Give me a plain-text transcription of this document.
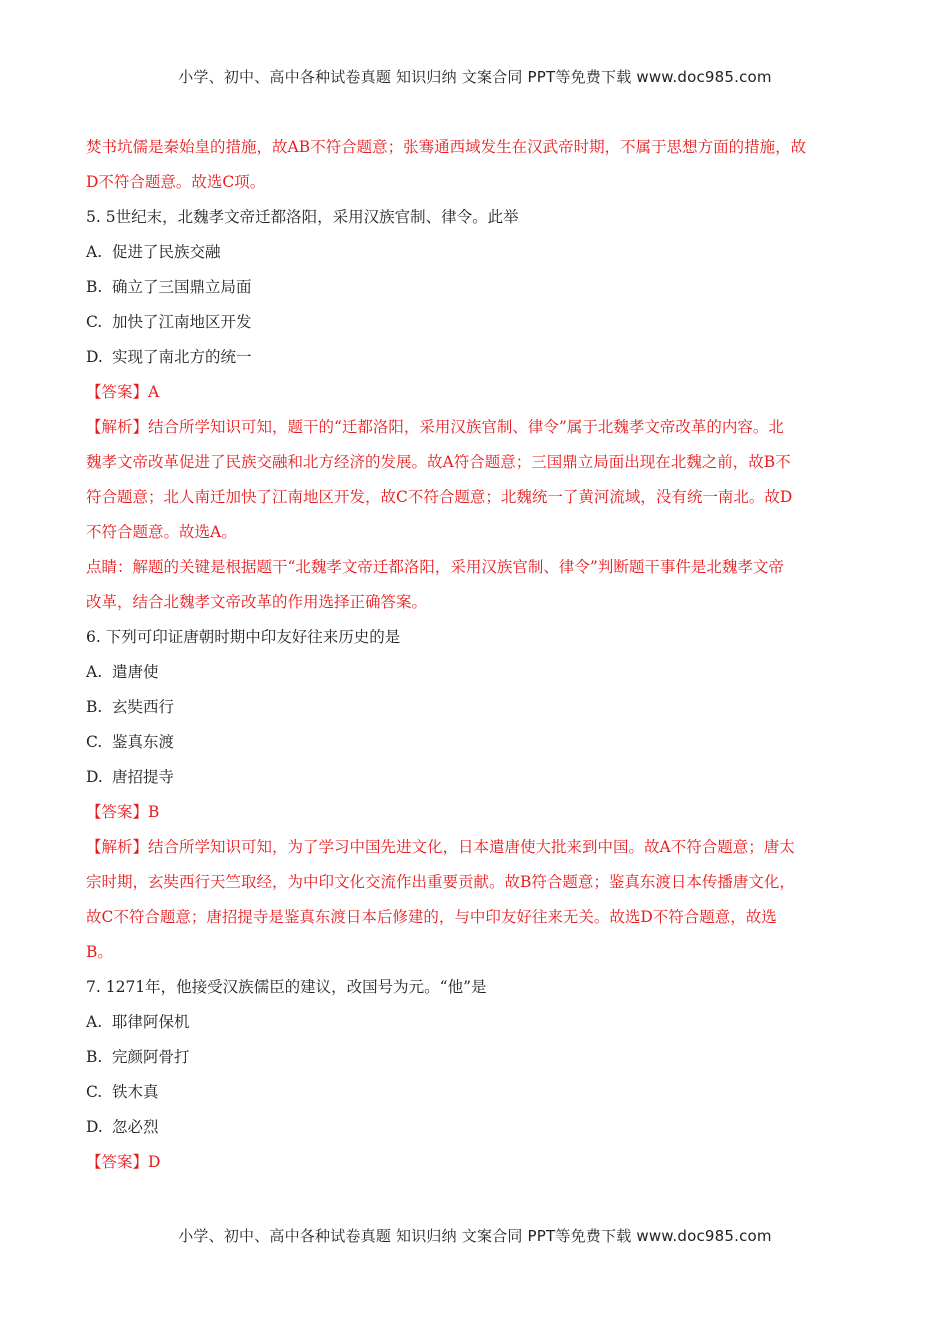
小学、初中、高中各种试卷真题 知识归纳 文案合同 PPT等免费下载 www.doc985.com
焚书坑儒是秦始皇的措施，故AB不符合题意；张骞通西域发生在汉武帝时期，不属于思想方面的措施，故
D不符合题意。故选C项。
5. 5世纪末，北魏孝文帝迁都洛阳，采用汉族官制、律令。此举
A. 促进了民族交融
B. 确立了三国鼎立局面
C. 加快了江南地区开发
D. 实现了南北方的统一
【答案】A
【解析】结合所学知识可知，题干的“迁都洛阳，采用汉族官制、律令”属于北魏孝文帝改革的内容。北
魏孝文帝改革促进了民族交融和北方经济的发展。故A符合题意；三国鼎立局面出现在北魏之前，故B不
符合题意；北人南迁加快了江南地区开发，故C不符合题意；北魏统一了黄河流域，没有统一南北。故D
不符合题意。故选A。
点睛：解题的关键是根据题干“北魏孝文帝迁都洛阳，采用汉族官制、律令”判断题干事件是北魏孝文帝
改革，结合北魏孝文帝改革的作用选择正确答案。
6. 下列可印证唐朝时期中印友好往来历史的是
A. 遣唐使
B. 玄奘西行
C. 鉴真东渡
D. 唐招提寺
【答案】B
【解析】结合所学知识可知，为了学习中国先进文化，日本遣唐使大批来到中国。故A不符合题意；唐太
宗时期，玄奘西行天竺取经，为中印文化交流作出重要贡献。故B符合题意；鉴真东渡日本传播唐文化，
故C不符合题意；唐招提寺是鉴真东渡日本后修建的，与中印友好往来无关。故选D不符合题意，故选
B。
7. 1271年，他接受汉族儒臣的建议，改国号为元。“他”是
A. 耶律阿保机
B. 完颜阿骨打
C. 铁木真
D. 忽必烈
【答案】D
小学、初中、高中各种试卷真题 知识归纳 文案合同 PPT等免费下载 www.doc985.com
